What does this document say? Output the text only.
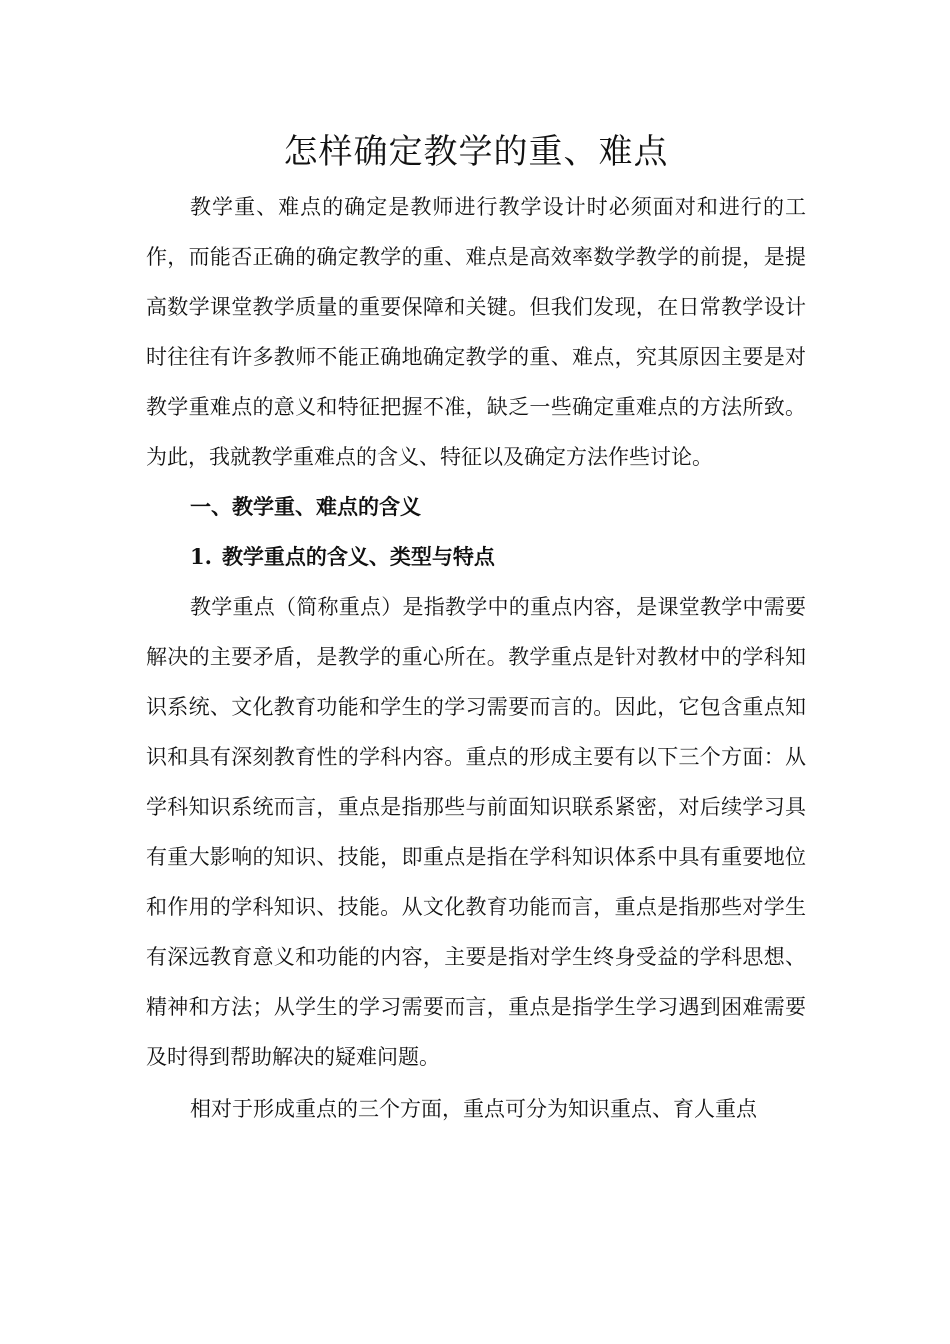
怎样确定教学的重、难点

教学重、难点的确定是教师进行教学设计时必须面对和进行的工作，而能否正确的确定教学的重、难点是高效率数学教学的前提，是提高数学课堂教学质量的重要保障和关键。但我们发现，在日常教学设计时往往有许多教师不能正确地确定教学的重、难点，究其原因主要是对教学重难点的意义和特征把握不准，缺乏一些确定重难点的方法所致。为此，我就教学重难点的含义、特征以及确定方法作些讨论。

一、教学重、难点的含义
1. 教学重点的含义、类型与特点

教学重点（简称重点）是指教学中的重点内容，是课堂教学中需要解决的主要矛盾，是教学的重心所在。教学重点是针对教材中的学科知识系统、文化教育功能和学生的学习需要而言的。因此，它包含重点知识和具有深刻教育性的学科内容。重点的形成主要有以下三个方面：从学科知识系统而言，重点是指那些与前面知识联系紧密，对后续学习具有重大影响的知识、技能，即重点是指在学科知识体系中具有重要地位和作用的学科知识、技能。从文化教育功能而言，重点是指那些对学生有深远教育意义和功能的内容，主要是指对学生终身受益的学科思想、精神和方法；从学生的学习需要而言，重点是指学生学习遇到困难需要及时得到帮助解决的疑难问题。

相对于形成重点的三个方面，重点可分为知识重点、育人重点
